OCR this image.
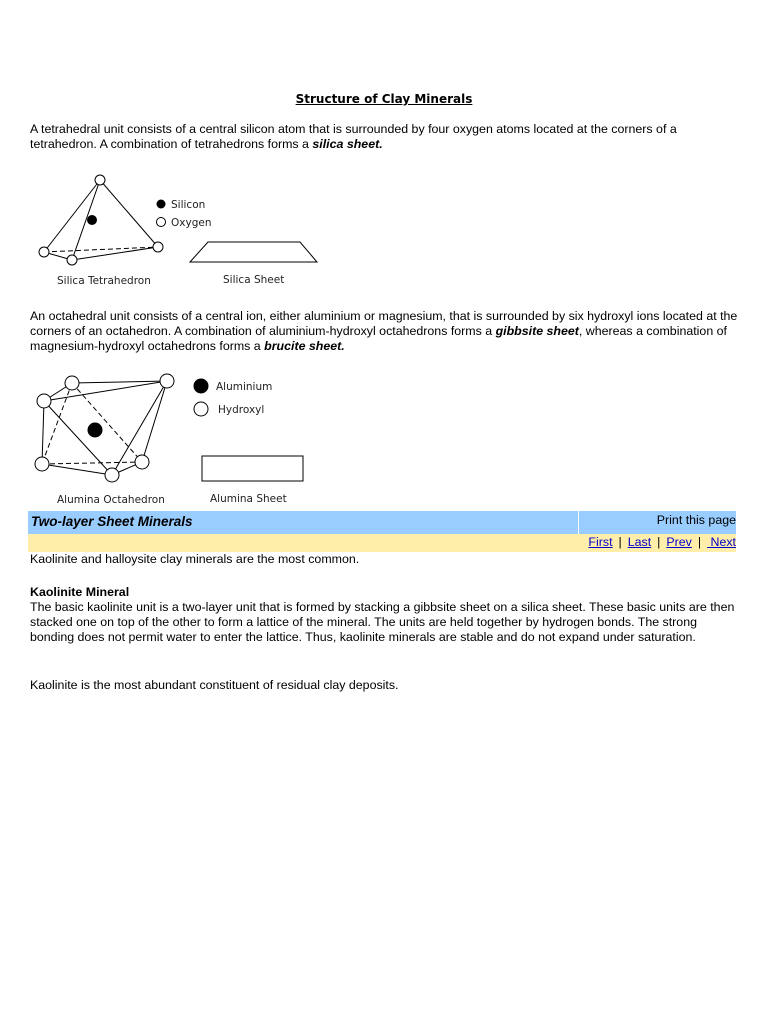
Structure of Clay Minerals

A tetrahedral unit consists of a central silicon atom that is surrounded by four oxygen atoms located at the corners of a tetrahedron. A combination of tetrahedrons forms a silica sheet.

Silicon
Oxygen
Silica Tetrahedron	Silica Sheet

An octahedral unit consists of a central ion, either aluminium or magnesium, that is surrounded by six hydroxyl ions located at the corners of an octahedron. A combination of aluminium-hydroxyl octahedrons forms a gibbsite sheet, whereas a combination of magnesium-hydroxyl octahedrons forms a brucite sheet.

Aluminium
Hydroxyl
Alumina Octahedron	Alumina Sheet
Two-layer Sheet Minerals	Print this page
First | Last | Prev | Next

Kaolinite and halloysite clay minerals are the most common.

Kaolinite Mineral

The basic kaolinite unit is a two-layer unit that is formed by stacking a gibbsite sheet on a silica sheet. These basic units are then stacked one on top of the other to form a lattice of the mineral. The units are held together by hydrogen bonds. The strong bonding does not permit water to enter the lattice. Thus, kaolinite minerals are stable and do not expand under saturation.

Kaolinite is the most abundant constituent of residual clay deposits.
